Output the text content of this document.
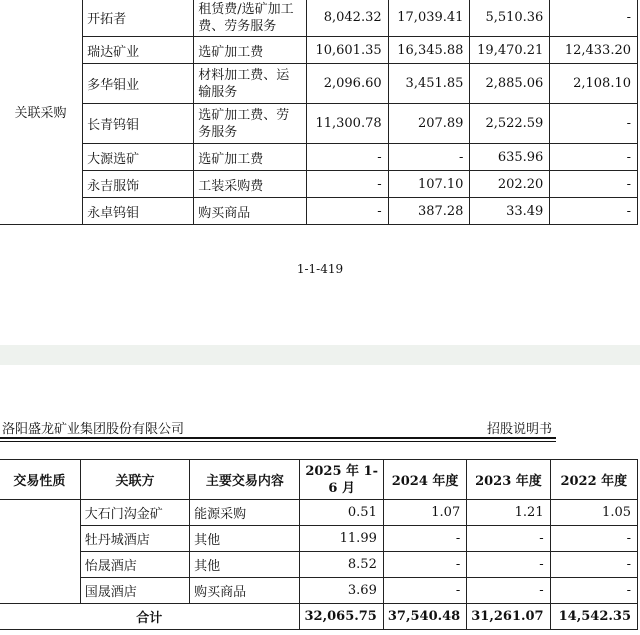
关联采购	开拓者	租赁费/选矿加工费、劳务服务	8,042.32	17,039.41	5,510.36	-
	瑞达矿业	选矿加工费	10,601.35	16,345.88	19,470.21	12,433.20
	多华钼业	材料加工费、运输服务	2,096.60	3,451.85	2,885.06	2,108.10
	长青钨钼	选矿加工费、劳务服务	11,300.78	207.89	2,522.59	-
	大源选矿	选矿加工费	-	-	635.96	-
	永吉服饰	工装采购费	-	107.10	202.20	-
	永卓钨钼	购买商品	-	387.28	33.49	-
1-1-419
洛阳盛龙矿业集团股份有限公司	招股说明书
交易性质	关联方	主要交易内容	2025 年 1-6 月	2024 年度	2023 年度	2022 年度
	大石门沟金矿	能源采购	0.51	1.07	1.21	1.05
	牡丹城酒店	其他	11.99	-	-	-
	怡晟酒店	其他	8.52	-	-	-
	国晟酒店	购买商品	3.69	-	-	-
合计			32,065.75	37,540.48	31,261.07	14,542.35
